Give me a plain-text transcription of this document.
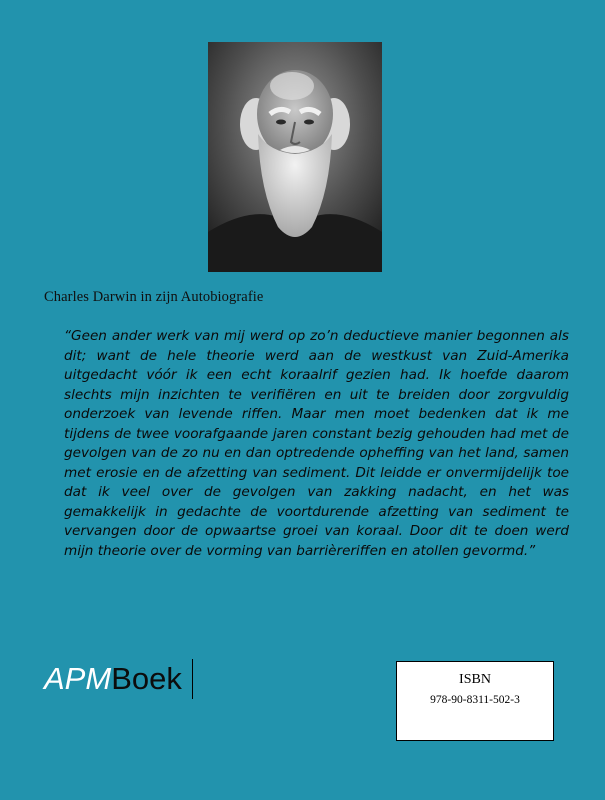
Charles Darwin in zijn Autobiografie

“Geen ander werk van mij werd op zo’n deductieve manier begonnen als dit; want de hele theorie werd aan de westkust van Zuid-Amerika uitgedacht vóór ik een echt koraalrif gezien had. Ik hoefde daarom slechts mijn inzichten te verifiëren en uit te breiden door zorgvuldig onderzoek van levende riffen. Maar men moet bedenken dat ik me tijdens de twee voorafgaande jaren constant bezig gehouden had met de gevolgen van de zo nu en dan optredende opheffing van het land, samen met erosie en de afzetting van sediment. Dit leidde er onvermijdelijk toe dat ik veel over de gevolgen van zakking nadacht, en het was gemakkelijk in gedachte de voortdurende afzetting van sediment te vervangen door de opwaartse groei van koraal. Door dit te doen werd mijn theorie over de vorming van barrièreriffen en atollen gevormd.”

APMBoek	ISBN
978-90-8311-502-3
